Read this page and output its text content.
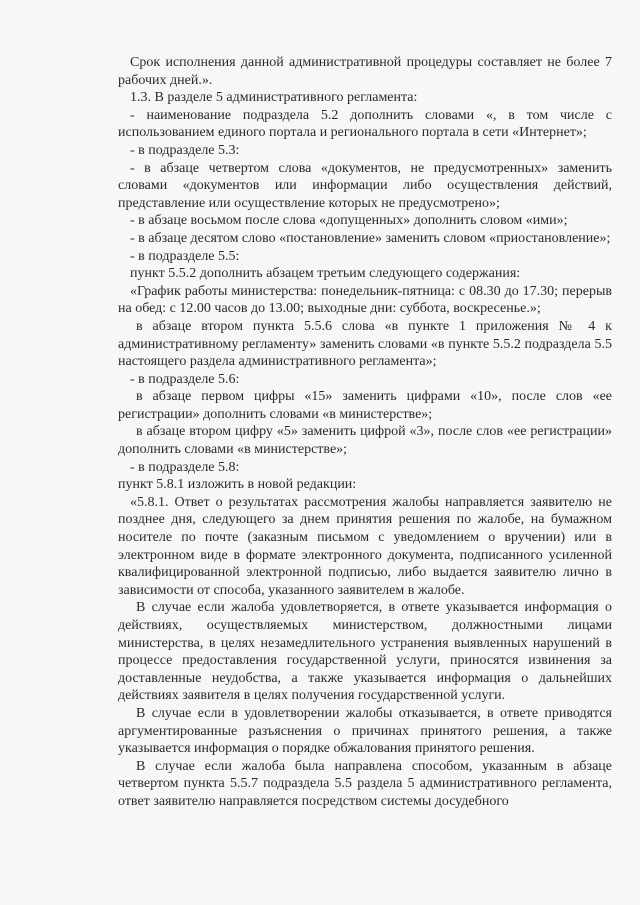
Срок исполнения данной административной процедуры составляет не более 7 рабочих дней.».

1.3. В разделе 5 административного регламента:

- наименование подраздела 5.2 дополнить словами «, в том числе с использованием единого портала и регионального портала в сети «Интернет»;

- в подразделе 5.3:

- в абзаце четвертом слова «документов, не предусмотренных» заменить словами «документов или информации либо осуществления действий, представление или осуществление которых не предусмотрено»;

- в абзаце восьмом после слова «допущенных» дополнить словом «ими»;

- в абзаце десятом слово «постановление» заменить словом «приостановление»;

- в подразделе 5.5:

пункт 5.5.2 дополнить абзацем третьим следующего содержания:

«График работы министерства: понедельник-пятница: с 08.30 до 17.30; перерыв на обед: с 12.00 часов до 13.00; выходные дни: суббота, воскресенье.»;

в абзаце втором пункта 5.5.6 слова «в пункте 1 приложения № 4 к административному регламенту» заменить словами «в пункте 5.5.2 подраздела 5.5 настоящего раздела административного регламента»;

- в подразделе 5.6:

в абзаце первом цифры «15» заменить цифрами «10», после слов «ее регистрации» дополнить словами «в министерстве»;

в абзаце втором цифру «5» заменить цифрой «3», после слов «ее регистрации» дополнить словами «в министерстве»;

- в подразделе 5.8:

пункт 5.8.1 изложить в новой редакции:

«5.8.1. Ответ о результатах рассмотрения жалобы направляется заявителю не позднее дня, следующего за днем принятия решения по жалобе, на бумажном носителе по почте (заказным письмом с уведомлением о вручении) или в электронном виде в формате электронного документа, подписанного усиленной квалифицированной электронной подписью, либо выдается заявителю лично в зависимости от способа, указанного заявителем в жалобе.

В случае если жалоба удовлетворяется, в ответе указывается информация о действиях, осуществляемых министерством, должностными лицами министерства, в целях незамедлительного устранения выявленных нарушений в процессе предоставления государственной услуги, приносятся извинения за доставленные неудобства, а также указывается информация о дальнейших действиях заявителя в целях получения государственной услуги.

В случае если в удовлетворении жалобы отказывается, в ответе приводятся аргументированные разъяснения о причинах принятого решения, а также указывается информация о порядке обжалования принятого решения.

В случае если жалоба была направлена способом, указанным в абзаце четвертом пункта 5.5.7 подраздела 5.5 раздела 5 административного регламента, ответ заявителю направляется посредством системы досудебного
